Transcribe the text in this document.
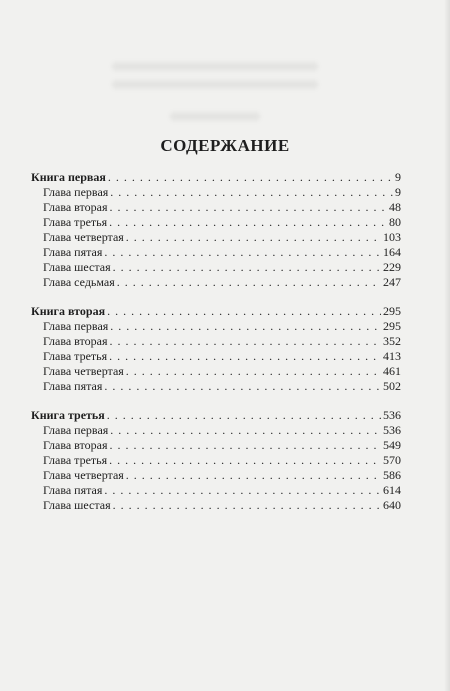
СОДЕРЖАНИЕ
Книга первая . . .	9
Глава первая . . .	9
Глава вторая . . .	48
Глава третья . . .	80
Глава четвертая . . .	103
Глава пятая . . .	164
Глава шестая . . .	229
Глава седьмая . . .	247
Книга вторая . . .	295
Глава первая . . .	295
Глава вторая . . .	352
Глава третья . . .	413
Глава четвертая . . .	461
Глава пятая . . .	502
Книга третья . . .	536
Глава первая . . .	536
Глава вторая . . .	549
Глава третья . . .	570
Глава четвертая . . .	586
Глава пятая . . .	614
Глава шестая . . .	640
